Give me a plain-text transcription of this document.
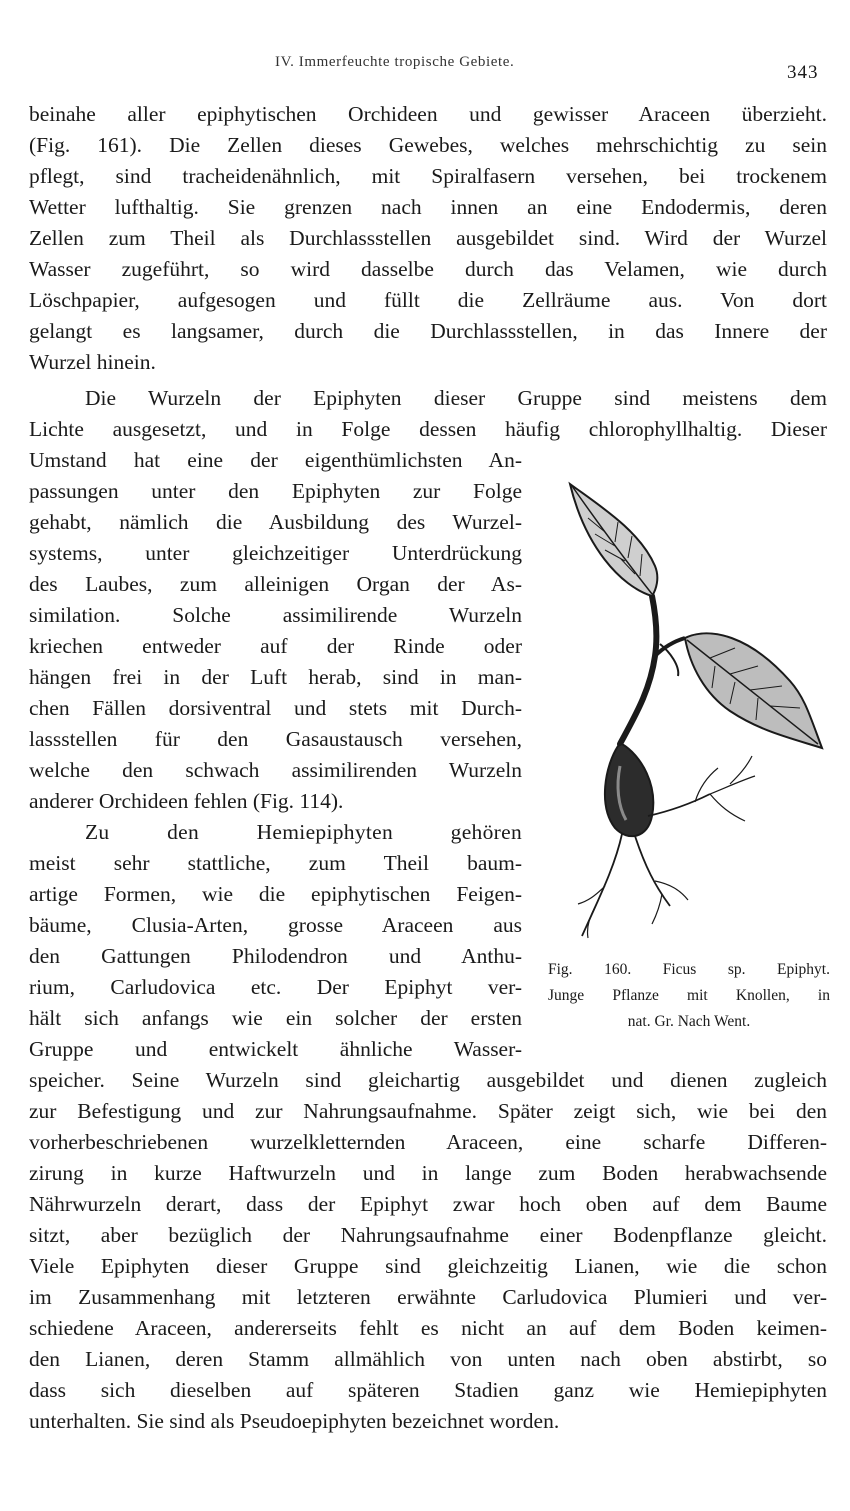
IV. Immerfeuchte tropische Gebiete.	343
beinahe aller epiphytischen Orchideen und gewisser Araceen überzieht.
(Fig. 161). Die Zellen dieses Gewebes, welches mehrschichtig zu sein
pflegt, sind tracheidenähnlich, mit Spiralfasern versehen, bei trockenem
Wetter lufthaltig. Sie grenzen nach innen an eine Endodermis, deren
Zellen zum Theil als Durchlassstellen ausgebildet sind. Wird der Wurzel
Wasser zugeführt, so wird dasselbe durch das Velamen, wie durch
Löschpapier, aufgesogen und füllt die Zellräume aus. Von dort
gelangt es langsamer, durch die Durchlassstellen, in das Innere der
Wurzel hinein.
Die Wurzeln der Epiphyten dieser Gruppe sind meistens dem
Lichte ausgesetzt, und in Folge dessen häufig chlorophyllhaltig. Dieser
Umstand hat eine der eigenthümlichsten An-
passungen unter den Epiphyten zur Folge
gehabt, nämlich die Ausbildung des Wurzel-
systems, unter gleichzeitiger Unterdrückung
des Laubes, zum alleinigen Organ der As-
similation. Solche assimilirende Wurzeln
kriechen entweder auf der Rinde oder
hängen frei in der Luft herab, sind in man-
chen Fällen dorsiventral und stets mit Durch-
lassstellen für den Gasaustausch versehen,
welche den schwach assimilirenden Wurzeln
anderer Orchideen fehlen (Fig. 114).
Zu den Hemiepiphyten gehören
meist sehr stattliche, zum Theil baum-
artige Formen, wie die epiphytischen Feigen-
bäume, Clusia-Arten, grosse Araceen aus
den Gattungen Philodendron und Anthu-
rium, Carludovica etc. Der Epiphyt ver-
hält sich anfangs wie ein solcher der ersten
Gruppe und entwickelt ähnliche Wasser-
speicher. Seine Wurzeln sind gleichartig ausgebildet und dienen zugleich
zur Befestigung und zur Nahrungsaufnahme. Später zeigt sich, wie bei den
vorherbeschriebenen wurzelkletternden Araceen, eine scharfe Differen-
zirung in kurze Haftwurzeln und in lange zum Boden herabwachsende
Nährwurzeln derart, dass der Epiphyt zwar hoch oben auf dem Baume
sitzt, aber bezüglich der Nahrungsaufnahme einer Bodenpflanze gleicht.
Viele Epiphyten dieser Gruppe sind gleichzeitig Lianen, wie die schon
im Zusammenhang mit letzteren erwähnte Carludovica Plumieri und ver-
schiedene Araceen, andererseits fehlt es nicht an auf dem Boden keimen-
den Lianen, deren Stamm allmählich von unten nach oben abstirbt, so
dass sich dieselben auf späteren Stadien ganz wie Hemiepiphyten
unterhalten. Sie sind als Pseudoepiphyten bezeichnet worden.
Fig. 160. Ficus sp. Epiphyt.
Junge Pflanze mit Knollen, in
nat. Gr. Nach Went.
